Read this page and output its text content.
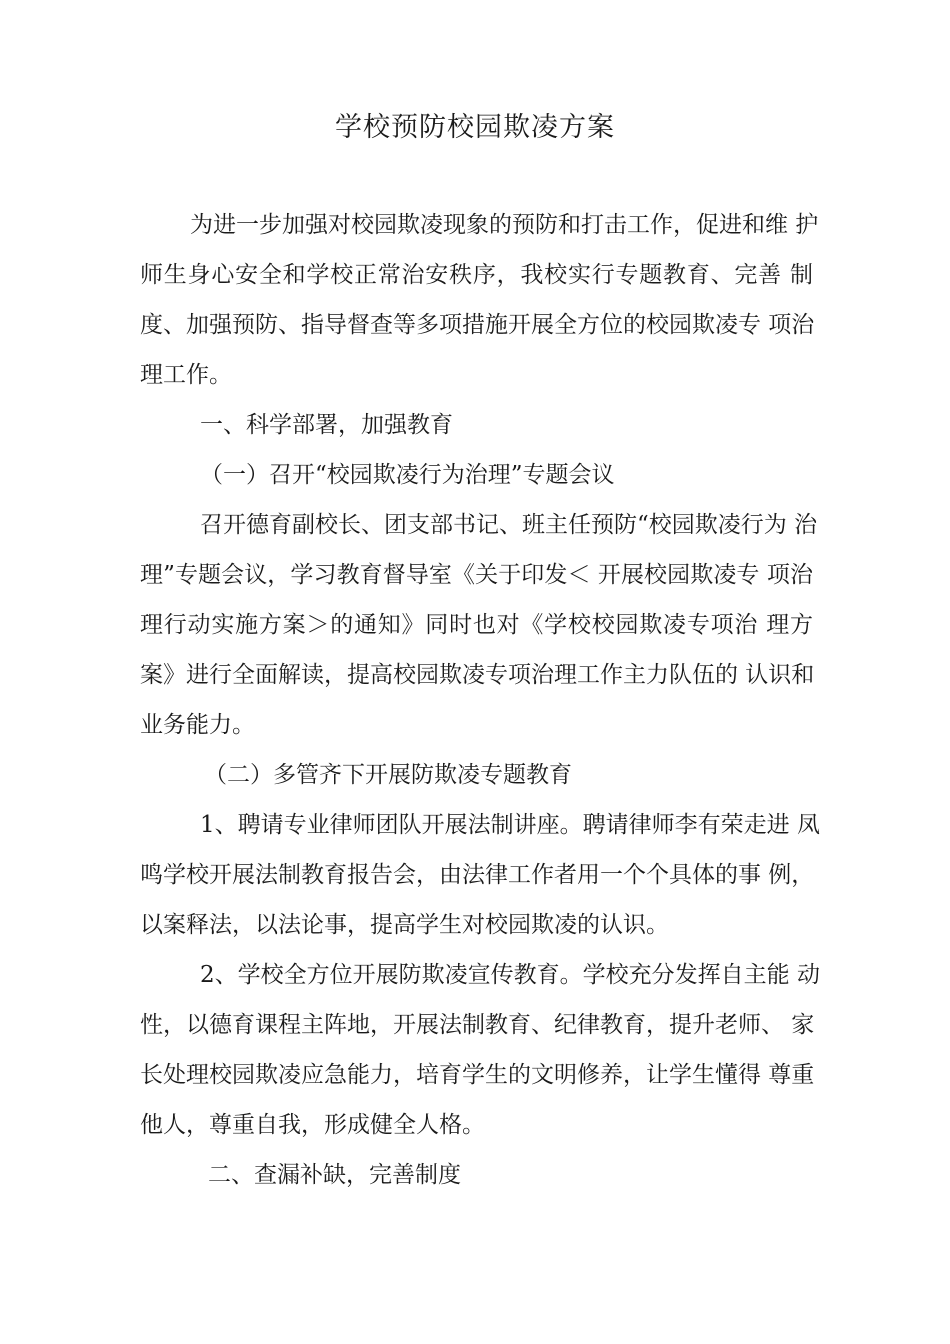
学校预防校园欺凌方案
为进一步加强对校园欺凌现象的预防和打击工作，促进和维 护
师生身心安全和学校正常治安秩序，我校实行专题教育、完善 制
度、加强预防、指导督查等多项措施开展全方位的校园欺凌专 项治
理工作。
一、科学部署，加强教育
（一）召开“校园欺凌行为治理”专题会议
召开德育副校长、团支部书记、班主任预防“校园欺凌行为 治
理”专题会议，学习教育督导室《关于印发＜ 开展校园欺凌专 项治
理行动实施方案＞的通知》同时也对《学校校园欺凌专项治 理方
案》进行全面解读，提高校园欺凌专项治理工作主力队伍的 认识和
业务能力。
（二）多管齐下开展防欺凌专题教育
1、聘请专业律师团队开展法制讲座。聘请律师李有荣走进 凤
鸣学校开展法制教育报告会，由法律工作者用一个个具体的事 例，
以案释法，以法论事，提高学生对校园欺凌的认识。
2、学校全方位开展防欺凌宣传教育。学校充分发挥自主能 动
性，以德育课程主阵地，开展法制教育、纪律教育，提升老师、 家
长处理校园欺凌应急能力，培育学生的文明修养，让学生懂得 尊重
他人，尊重自我，形成健全人格。
二、查漏补缺，完善制度
